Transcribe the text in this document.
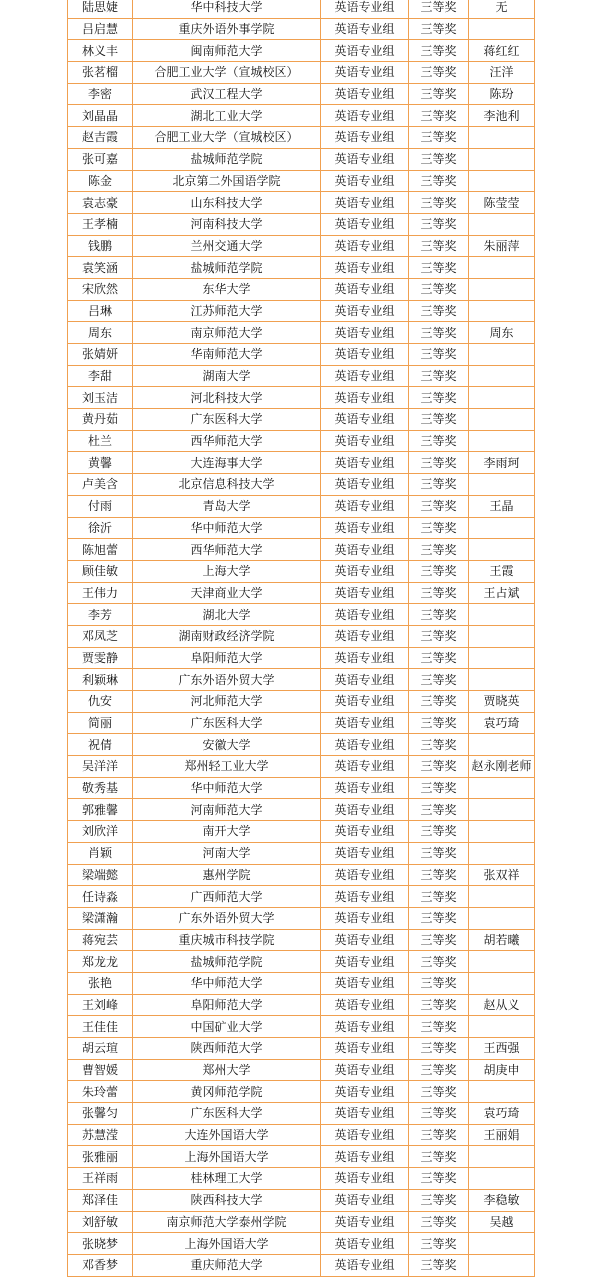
陆思婕	华中科技大学	英语专业组	三等奖	无
吕启慧	重庆外语外事学院	英语专业组	三等奖	
林义丰	闽南师范大学	英语专业组	三等奖	蒋红红
张茗榴	合肥工业大学（宣城校区）	英语专业组	三等奖	汪洋
李密	武汉工程大学	英语专业组	三等奖	陈玢
刘晶晶	湖北工业大学	英语专业组	三等奖	李池利
赵吉霞	合肥工业大学（宣城校区）	英语专业组	三等奖	
张可嘉	盐城师范学院	英语专业组	三等奖	
陈金	北京第二外国语学院	英语专业组	三等奖	
袁志豪	山东科技大学	英语专业组	三等奖	陈莹莹
王孝楠	河南科技大学	英语专业组	三等奖	
钱鹏	兰州交通大学	英语专业组	三等奖	朱丽萍
袁笑涵	盐城师范学院	英语专业组	三等奖	
宋欣然	东华大学	英语专业组	三等奖	
吕琳	江苏师范大学	英语专业组	三等奖	
周东	南京师范大学	英语专业组	三等奖	周东
张婧妍	华南师范大学	英语专业组	三等奖	
李甜	湖南大学	英语专业组	三等奖	
刘玉洁	河北科技大学	英语专业组	三等奖	
黄丹茹	广东医科大学	英语专业组	三等奖	
杜兰	西华师范大学	英语专业组	三等奖	
黄馨	大连海事大学	英语专业组	三等奖	李雨珂
卢美含	北京信息科技大学	英语专业组	三等奖	
付雨	青岛大学	英语专业组	三等奖	王晶
徐沂	华中师范大学	英语专业组	三等奖	
陈旭蕾	西华师范大学	英语专业组	三等奖	
顾佳敏	上海大学	英语专业组	三等奖	王霞
王伟力	天津商业大学	英语专业组	三等奖	王占斌
李芳	湖北大学	英语专业组	三等奖	
邓凤芝	湖南财政经济学院	英语专业组	三等奖	
贾雯静	阜阳师范大学	英语专业组	三等奖	
利颖琳	广东外语外贸大学	英语专业组	三等奖	
仇安	河北师范大学	英语专业组	三等奖	贾晓英
简丽	广东医科大学	英语专业组	三等奖	袁巧琦
祝倩	安徽大学	英语专业组	三等奖	
吴洋洋	郑州轻工业大学	英语专业组	三等奖	赵永刚老师
敬秀基	华中师范大学	英语专业组	三等奖	
郭雅馨	河南师范大学	英语专业组	三等奖	
刘欣洋	南开大学	英语专业组	三等奖	
肖颖	河南大学	英语专业组	三等奖	
梁端懿	惠州学院	英语专业组	三等奖	张双祥
任诗淼	广西师范大学	英语专业组	三等奖	
梁潇瀚	广东外语外贸大学	英语专业组	三等奖	
蒋宛芸	重庆城市科技学院	英语专业组	三等奖	胡若曦
郑龙龙	盐城师范学院	英语专业组	三等奖	
张艳	华中师范大学	英语专业组	三等奖	
王刘峰	阜阳师范大学	英语专业组	三等奖	赵从义
王佳佳	中国矿业大学	英语专业组	三等奖	
胡云瑄	陕西师范大学	英语专业组	三等奖	王西强
曹智媛	郑州大学	英语专业组	三等奖	胡庚申
朱玲蕾	黄冈师范学院	英语专业组	三等奖	
张馨匀	广东医科大学	英语专业组	三等奖	袁巧琦
苏慧滢	大连外国语大学	英语专业组	三等奖	王丽娟
张雅丽	上海外国语大学	英语专业组	三等奖	
王祥雨	桂林理工大学	英语专业组	三等奖	
郑泽佳	陕西科技大学	英语专业组	三等奖	李稳敏
刘舒敏	南京师范大学泰州学院	英语专业组	三等奖	吴越
张晓梦	上海外国语大学	英语专业组	三等奖	
邓香梦	重庆师范大学	英语专业组	三等奖	
